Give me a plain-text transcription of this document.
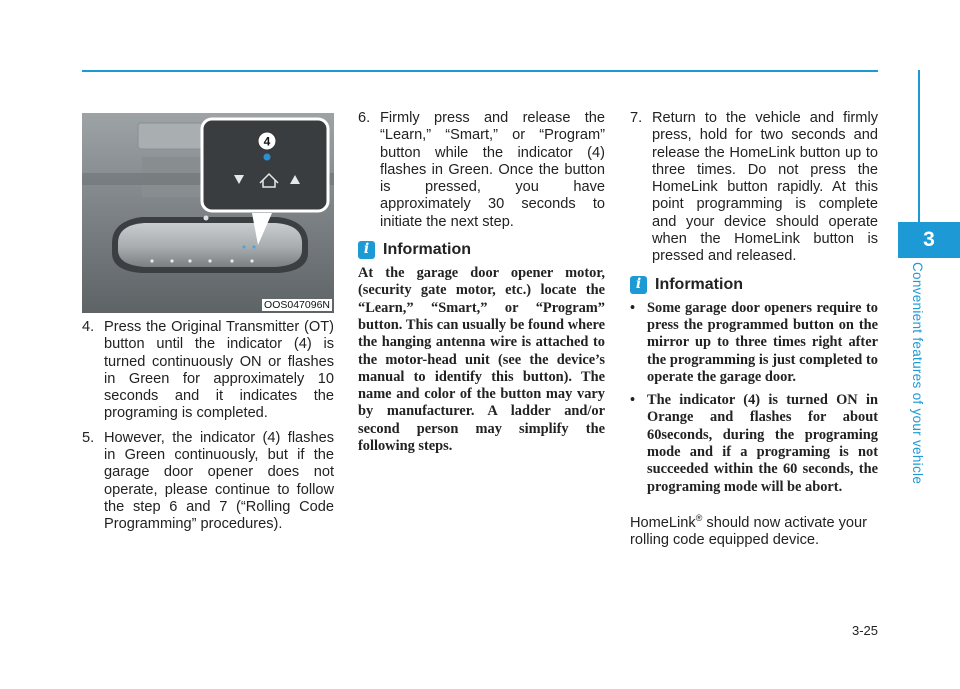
3
Convenient features of your vehicle
4
OOS047096N
4. Press the Original Transmitter (OT) button until the indicator (4) is turned continuously ON or flashes in Green for approximately 10 seconds and it indicates the programing is completed.
5. However, the indicator (4) flashes in Green continuously, but if the garage door opener does not operate, please continue to follow the step 6 and 7 (“Rolling Code Programming” procedures).
6. Firmly press and release the “Learn,” “Smart,” or “Program” button while the indicator (4) flashes in Green. Once the button is pressed, you have approximately 30 seconds to initiate the next step.
i Information

At the garage door opener motor, (security gate motor, etc.) locate the “Learn,” “Smart,” or “Program” button. This can usually be found where the hanging antenna wire is attached to the motor-head unit (see the device’s manual to identify this button). The name and color of the button may vary by manufacturer. A ladder and/or second person may simplify the following steps.

7. Return to the vehicle and firmly press, hold for two seconds and release the HomeLink button up to three times. Do not press the HomeLink button rapidly. At this point programming is complete and your device should operate when the HomeLink button is pressed and released.
i Information
• Some garage door openers require to press the programmed button on the mirror up to three times right after the programming is just completed to operate the garage door.
• The indicator (4) is turned ON in Orange and flashes for about 60seconds, during the programing mode and if a programing is not succeeded within the 60 seconds, the programing mode will be abort.

HomeLink® should now activate your rolling code equipped device.

3-25
